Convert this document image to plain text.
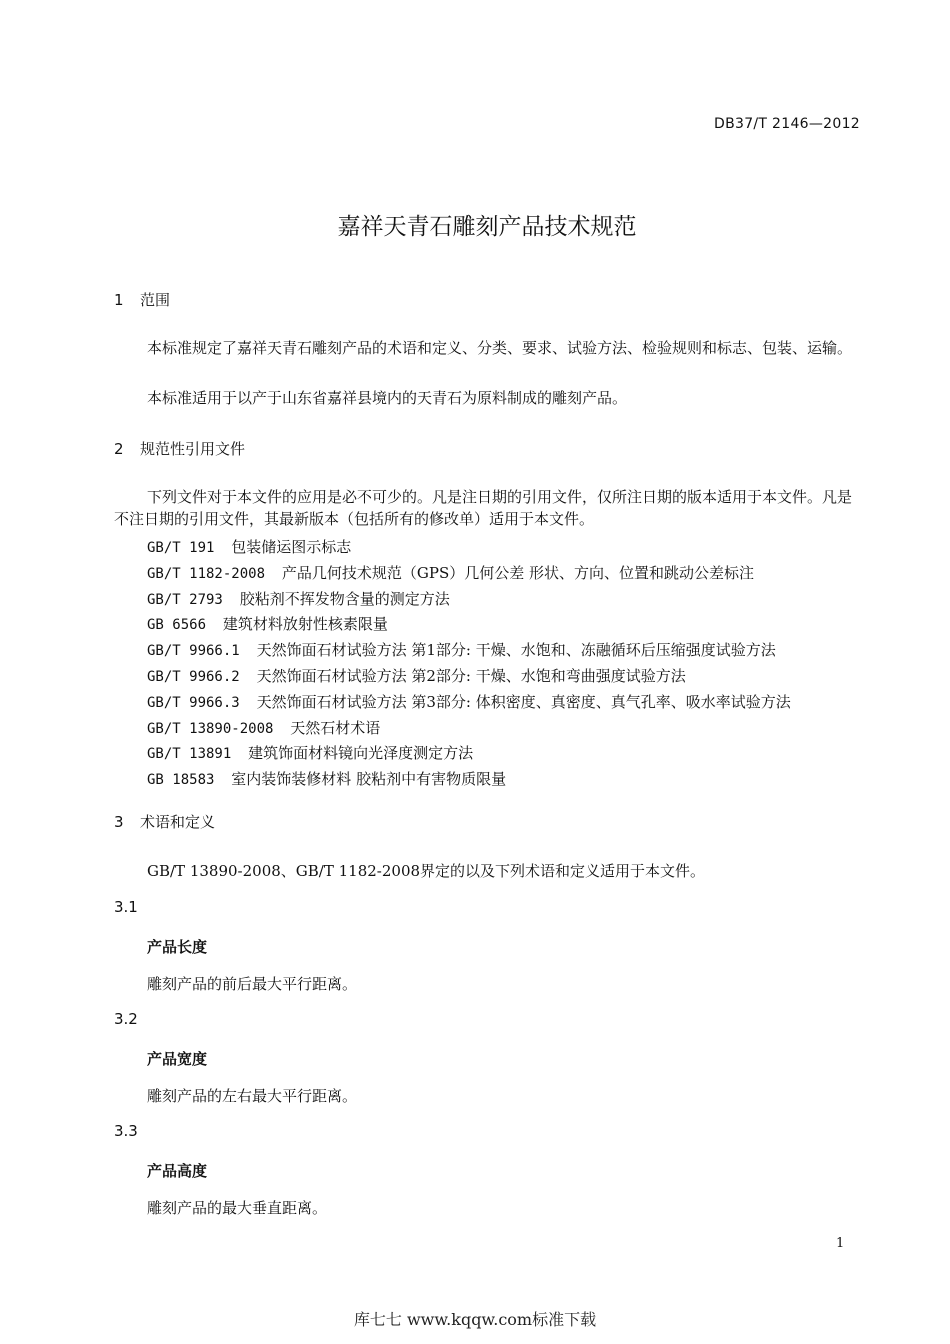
DB37/T 2146—2012
嘉祥天青石雕刻产品技术规范
1 范围
本标准规定了嘉祥天青石雕刻产品的术语和定义、分类、要求、试验方法、检验规则和标志、包装、运输。
本标准适用于以产于山东省嘉祥县境内的天青石为原料制成的雕刻产品。
2 规范性引用文件
下列文件对于本文件的应用是必不可少的。凡是注日期的引用文件，仅所注日期的版本适用于本文件。凡是不注日期的引用文件，其最新版本（包括所有的修改单）适用于本文件。
GB/T 191 包装储运图示标志
GB/T 1182-2008 产品几何技术规范（GPS）几何公差 形状、方向、位置和跳动公差标注
GB/T 2793 胶粘剂不挥发物含量的测定方法
GB 6566 建筑材料放射性核素限量
GB/T 9966.1 天然饰面石材试验方法 第1部分: 干燥、水饱和、冻融循环后压缩强度试验方法
GB/T 9966.2 天然饰面石材试验方法 第2部分: 干燥、水饱和弯曲强度试验方法
GB/T 9966.3 天然饰面石材试验方法 第3部分: 体积密度、真密度、真气孔率、吸水率试验方法
GB/T 13890-2008 天然石材术语
GB/T 13891 建筑饰面材料镜向光泽度测定方法
GB 18583 室内装饰装修材料 胶粘剂中有害物质限量
3 术语和定义
GB/T 13890-2008、GB/T 1182-2008界定的以及下列术语和定义适用于本文件。
3.1
产品长度
雕刻产品的前后最大平行距离。
3.2
产品宽度
雕刻产品的左右最大平行距离。
3.3
产品高度
雕刻产品的最大垂直距离。
1
库七七 www.kqqw.com标准下载
